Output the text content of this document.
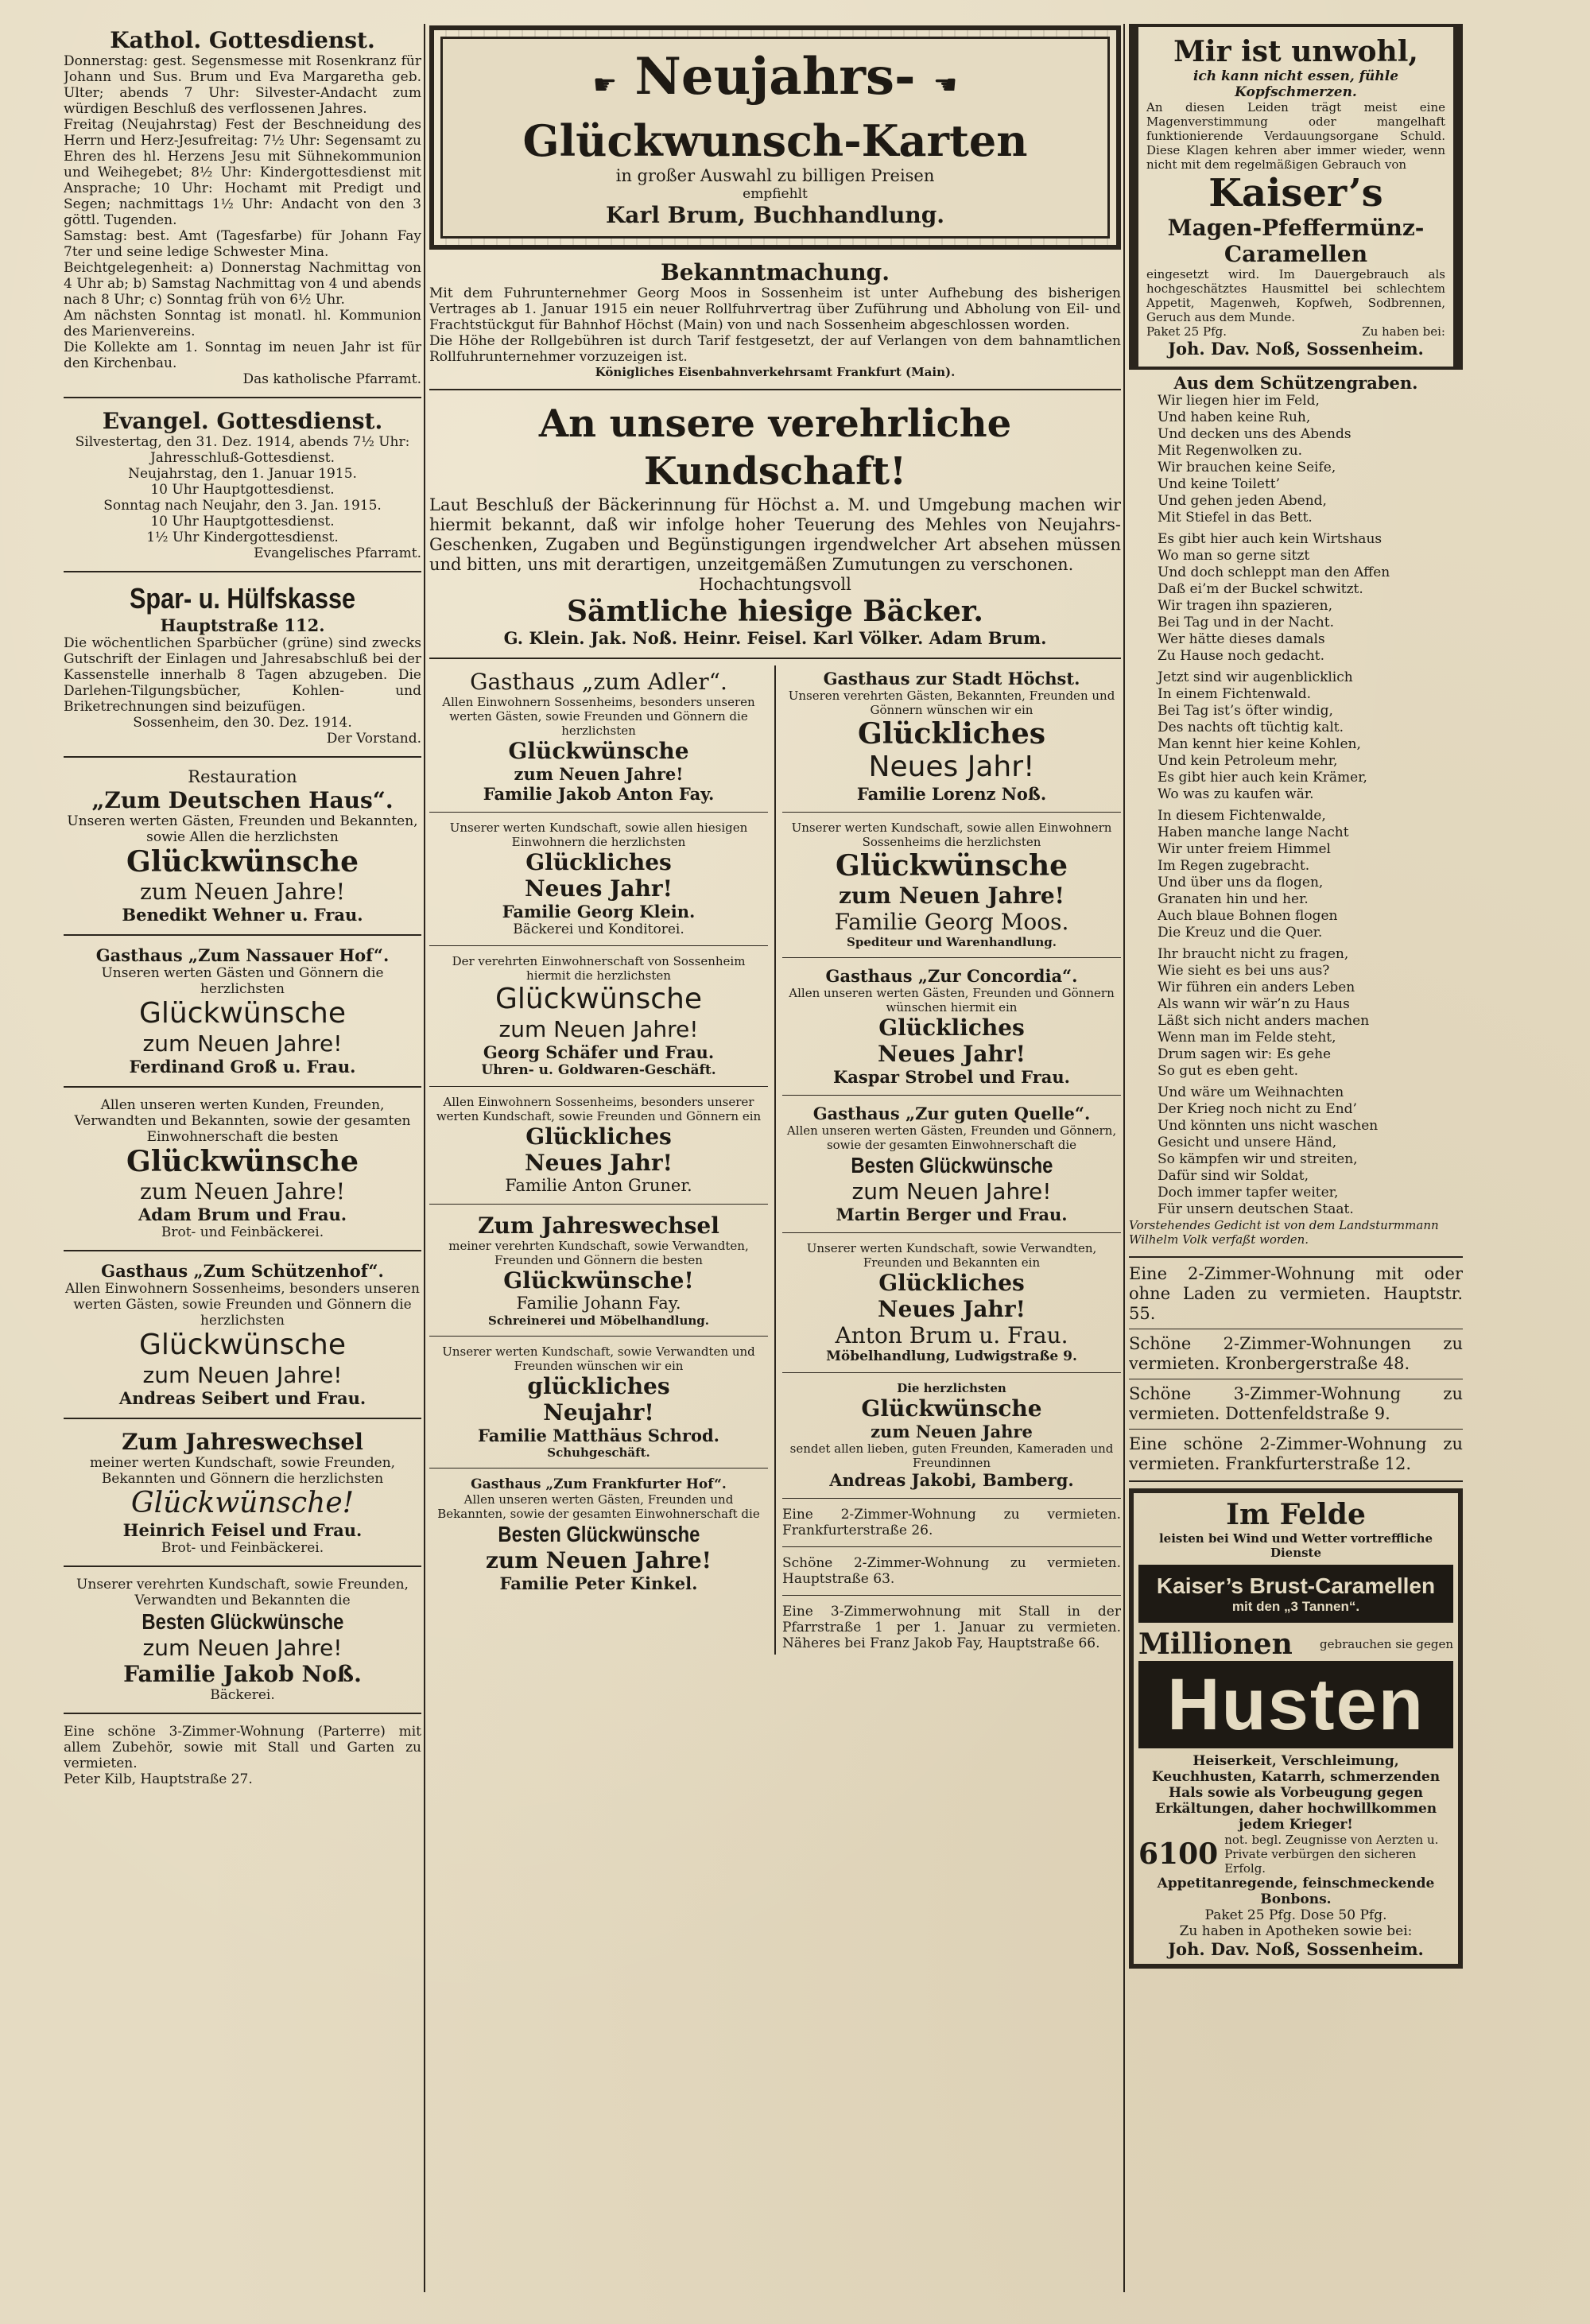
Kathol. Gottesdienst.

Donnerstag: gest. Segensmesse mit Rosenkranz für Johann und Sus. Brum und Eva Margaretha geb. Ulter; abends 7 Uhr: Silvester-Andacht zum würdigen Beschluß des verflossenen Jahres.

Freitag (Neujahrstag) Fest der Beschneidung des Herrn und Herz-Jesufreitag: 7½ Uhr: Segensamt zu Ehren des hl. Herzens Jesu mit Sühnekommunion und Weihegebet; 8½ Uhr: Kindergottesdienst mit Ansprache; 10 Uhr: Hochamt mit Predigt und Segen; nachmittags 1½ Uhr: Andacht von den 3 göttl. Tugenden.

Samstag: best. Amt (Tagesfarbe) für Johann Fay 7ter und seine ledige Schwester Mina.

Beichtgelegenheit: a) Donnerstag Nachmittag von 4 Uhr ab; b) Samstag Nachmittag von 4 und abends nach 8 Uhr; c) Sonntag früh von 6½ Uhr.

Am nächsten Sonntag ist monatl. hl. Kommunion des Marienvereins.

Die Kollekte am 1. Sonntag im neuen Jahr ist für den Kirchenbau.

Das katholische Pfarramt.

Evangel. Gottesdienst.

Silvestertag, den 31. Dez. 1914, abends 7½ Uhr: Jahresschluß-Gottesdienst.

Neujahrstag, den 1. Januar 1915.

10 Uhr Hauptgottesdienst.

Sonntag nach Neujahr, den 3. Jan. 1915.

10 Uhr Hauptgottesdienst.

1½ Uhr Kindergottesdienst.

Evangelisches Pfarramt.

Spar- u. Hülfskasse

Hauptstraße 112.

Die wöchentlichen Sparbücher (grüne) sind zwecks Gutschrift der Einlagen und Jahresabschluß bei der Kassenstelle innerhalb 8 Tagen abzugeben. Die Darlehen-Tilgungsbücher, Kohlen- und Briketrechnungen sind beizufügen.

Sossenheim, den 30. Dez. 1914.

Der Vorstand.

Restauration

„Zum Deutschen Haus“.

Unseren werten Gästen, Freunden und Bekannten, sowie Allen die herzlichsten

Glückwünsche

zum Neuen Jahre!

Benedikt Wehner u. Frau.

Gasthaus „Zum Nassauer Hof“.

Unseren werten Gästen und Gönnern die herzlichsten

Glückwünsche

zum Neuen Jahre!

Ferdinand Groß u. Frau.

Allen unseren werten Kunden, Freunden, Verwandten und Bekannten, sowie der gesamten Einwohnerschaft die besten

Glückwünsche

zum Neuen Jahre!

Adam Brum und Frau.

Brot- und Feinbäckerei.

Gasthaus „Zum Schützenhof“.

Allen Einwohnern Sossenheims, besonders unseren werten Gästen, sowie Freunden und Gönnern die herzlichsten

Glückwünsche

zum Neuen Jahre!

Andreas Seibert und Frau.

Zum Jahreswechsel

meiner werten Kundschaft, sowie Freunden, Bekannten und Gönnern die herzlichsten

Glückwünsche!

Heinrich Feisel und Frau.

Brot- und Feinbäckerei.

Unserer verehrten Kundschaft, sowie Freunden, Verwandten und Bekannten die

Besten Glückwünsche

zum Neuen Jahre!

Familie Jakob Noß.

Bäckerei.

Eine schöne 3-Zimmer-Wohnung (Parterre) mit allem Zubehör, sowie mit Stall und Garten zu vermieten.

Peter Kilb, Hauptstraße 27.

☛ Neujahrs- ☚

Glückwunsch-Karten

in großer Auswahl zu billigen Preisen

empfiehlt

Karl Brum, Buchhandlung.

Bekanntmachung.

Mit dem Fuhrunternehmer Georg Moos in Sossenheim ist unter Aufhebung des bisherigen Vertrages ab 1. Januar 1915 ein neuer Rollfuhrvertrag über Zuführung und Abholung von Eil- und Frachtstückgut für Bahnhof Höchst (Main) von und nach Sossenheim abgeschlossen worden.

Die Höhe der Rollgebühren ist durch Tarif festgesetzt, der auf Verlangen von dem bahnamtlichen Rollfuhrunternehmer vorzuzeigen ist.

Königliches Eisenbahnverkehrsamt Frankfurt (Main).

An unsere verehrliche Kundschaft!

Laut Beschluß der Bäckerinnung für Höchst a. M. und Umgebung machen wir hiermit bekannt, daß wir infolge hoher Teuerung des Mehles von Neujahrs-Geschenken, Zugaben und Begünstigungen irgendwelcher Art absehen müssen und bitten, uns mit derartigen, unzeitgemäßen Zumutungen zu verschonen.

Hochachtungsvoll

Sämtliche hiesige Bäcker.

G. Klein. Jak. Noß. Heinr. Feisel. Karl Völker. Adam Brum.

Gasthaus „zum Adler“.

Allen Einwohnern Sossenheims, besonders unseren werten Gästen, sowie Freunden und Gönnern die herzlichsten

Glückwünsche

zum Neuen Jahre!

Familie Jakob Anton Fay.

Unserer werten Kundschaft, sowie allen hiesigen Einwohnern die herzlichsten

Glückliches

Neues Jahr!

Familie Georg Klein.

Bäckerei und Konditorei.

Der verehrten Einwohnerschaft von Sossenheim hiermit die herzlichsten

Glückwünsche

zum Neuen Jahre!

Georg Schäfer und Frau.

Uhren- u. Goldwaren-Geschäft.

Allen Einwohnern Sossenheims, besonders unserer werten Kundschaft, sowie Freunden und Gönnern ein

Glückliches

Neues Jahr!

Familie Anton Gruner.

Zum Jahreswechsel

meiner verehrten Kundschaft, sowie Verwandten, Freunden und Gönnern die besten

Glückwünsche!

Familie Johann Fay.

Schreinerei und Möbelhandlung.

Unserer werten Kundschaft, sowie Verwandten und Freunden wünschen wir ein

glückliches

Neujahr!

Familie Matthäus Schrod.

Schuhgeschäft.

Gasthaus „Zum Frankfurter Hof“.

Allen unseren werten Gästen, Freunden und Bekannten, sowie der gesamten Einwohnerschaft die

Besten Glückwünsche

zum Neuen Jahre!

Familie Peter Kinkel.

Gasthaus zur Stadt Höchst.

Unseren verehrten Gästen, Bekannten, Freunden und Gönnern wünschen wir ein

Glückliches

Neues Jahr!

Familie Lorenz Noß.

Unserer werten Kundschaft, sowie allen Einwohnern Sossenheims die herzlichsten

Glückwünsche

zum Neuen Jahre!

Familie Georg Moos.

Spediteur und Warenhandlung.

Gasthaus „Zur Concordia“.

Allen unseren werten Gästen, Freunden und Gönnern wünschen hiermit ein

Glückliches

Neues Jahr!

Kaspar Strobel und Frau.

Gasthaus „Zur guten Quelle“.

Allen unseren werten Gästen, Freunden und Gönnern, sowie der gesamten Einwohnerschaft die

Besten Glückwünsche

zum Neuen Jahre!

Martin Berger und Frau.

Unserer werten Kundschaft, sowie Verwandten, Freunden und Bekannten ein

Glückliches

Neues Jahr!

Anton Brum u. Frau.

Möbelhandlung, Ludwigstraße 9.

Die herzlichsten

Glückwünsche

zum Neuen Jahre

sendet allen lieben, guten Freunden, Kameraden und Freundinnen

Andreas Jakobi, Bamberg.

Eine 2-Zimmer-Wohnung zu vermieten. Frankfurterstraße 26.

Schöne 2-Zimmer-Wohnung zu vermieten. Hauptstraße 63.

Eine 3-Zimmerwohnung mit Stall in der Pfarrstraße 1 per 1. Januar zu vermieten. Näheres bei Franz Jakob Fay, Hauptstraße 66.

Mir ist unwohl,

ich kann nicht essen, fühle Kopfschmerzen.

An diesen Leiden trägt meist eine Magenverstimmung oder mangelhaft funktionierende Verdauungsorgane Schuld. Diese Klagen kehren aber immer wieder, wenn nicht mit dem regelmäßigen Gebrauch von

Kaiser’s

Magen-Pfeffermünz-Caramellen

eingesetzt wird. Im Dauergebrauch als hochgeschätztes Hausmittel bei schlechtem Appetit, Magenweh, Kopfweh, Sodbrennen, Geruch aus dem Munde.

Paket 25 Pfg.	Zu haben bei:

Joh. Dav. Noß, Sossenheim.

Aus dem Schützengraben.

Wir liegen hier im Feld,

Und haben keine Ruh,

Und decken uns des Abends

Mit Regenwolken zu.

Wir brauchen keine Seife,

Und keine Toilett’

Und gehen jeden Abend,

Mit Stiefel in das Bett.

Es gibt hier auch kein Wirtshaus

Wo man so gerne sitzt

Und doch schleppt man den Affen

Daß ei’m der Buckel schwitzt.

Wir tragen ihn spazieren,

Bei Tag und in der Nacht.

Wer hätte dieses damals

Zu Hause noch gedacht.

Jetzt sind wir augenblicklich

In einem Fichtenwald.

Bei Tag ist’s öfter windig,

Des nachts oft tüchtig kalt.

Man kennt hier keine Kohlen,

Und kein Petroleum mehr,

Es gibt hier auch kein Krämer,

Wo was zu kaufen wär.

In diesem Fichtenwalde,

Haben manche lange Nacht

Wir unter freiem Himmel

Im Regen zugebracht.

Und über uns da flogen,

Granaten hin und her.

Auch blaue Bohnen flogen

Die Kreuz und die Quer.

Ihr braucht nicht zu fragen,

Wie sieht es bei uns aus?

Wir führen ein anders Leben

Als wann wir wär’n zu Haus

Läßt sich nicht anders machen

Wenn man im Felde steht,

Drum sagen wir: Es gehe

So gut es eben geht.

Und wäre um Weihnachten

Der Krieg noch nicht zu End’

Und könnten uns nicht waschen

Gesicht und unsere Händ,

So kämpfen wir und streiten,

Dafür sind wir Soldat,

Doch immer tapfer weiter,

Für unsern deutschen Staat.

Vorstehendes Gedicht ist von dem Landsturmmann Wilhelm Volk verfaßt worden.

Eine 2-Zimmer-Wohnung mit oder ohne Laden zu vermieten. Hauptstr. 55.

Schöne 2-Zimmer-Wohnungen zu vermieten. Kronbergerstraße 48.

Schöne 3-Zimmer-Wohnung zu vermieten. Dottenfeldstraße 9.

Eine schöne 2-Zimmer-Wohnung zu vermieten. Frankfurterstraße 12.

Im Felde

leisten bei Wind und Wetter vortreffliche Dienste

Kaiser’s Brust-Caramellen

mit den „3 Tannen“.

Millionen gebrauchen sie gegen
Husten

Heiserkeit, Verschleimung, Keuchhusten, Katarrh, schmerzenden Hals sowie als Vorbeugung gegen Erkältungen, daher hochwillkommen jedem Krieger!

6100 not. begl. Zeugnisse von Aerzten u. Private verbürgen den sicheren Erfolg.

Appetitanregende, feinschmeckende Bonbons.

Paket 25 Pfg. Dose 50 Pfg.

Zu haben in Apotheken sowie bei:

Joh. Dav. Noß, Sossenheim.
